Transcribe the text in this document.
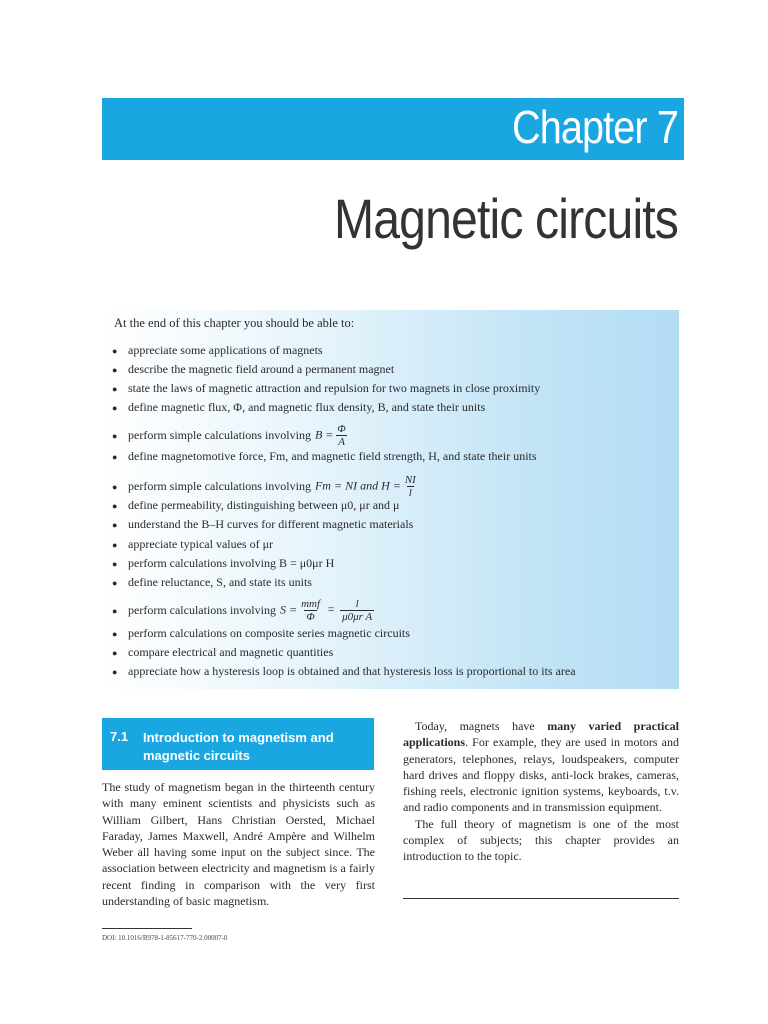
Chapter 7
Magnetic circuits
At the end of this chapter you should be able to:
● appreciate some applications of magnets
● describe the magnetic field around a permanent magnet
● state the laws of magnetic attraction and repulsion for two magnets in close proximity
● define magnetic flux, Φ, and magnetic flux density, B, and state their units
● perform simple calculations involving $B = \frac{\Phi}{A}$
● define magnetomotive force, Fm, and magnetic field strength, H, and state their units
● perform simple calculations involving Fm = NI and $H = \frac{NI}{l}$
● define permeability, distinguishing between μ0, μr and μ
● understand the B–H curves for different magnetic materials
● appreciate typical values of μr
● perform calculations involving B = μ0μr H
● define reluctance, S, and state its units
● perform calculations involving $S = \frac{\text{mmf}}{\Phi} = \frac{l}{\text{μ0μr A}}$
● perform calculations on composite series magnetic circuits
● compare electrical and magnetic quantities
● appreciate how a hysteresis loop is obtained and that hysteresis loss is proportional to its area
7.1 Introduction to magnetism and magnetic circuits
The study of magnetism began in the thirteenth century with many eminent scientists and physicists such as William Gilbert, Hans Christian Oersted, Michael Faraday, James Maxwell, André Ampère and Wilhelm Weber all having some input on the subject since. The association between electricity and magnetism is a fairly recent finding in comparison with the very first understanding of basic magnetism.

Today, magnets have many varied practical applications. For example, they are used in motors and generators, telephones, relays, loudspeakers, computer hard drives and floppy disks, anti-lock brakes, cameras, fishing reels, electronic ignition systems, keyboards, t.v. and radio components and in transmission equipment.

The full theory of magnetism is one of the most complex of subjects; this chapter provides an introduction to the topic.

DOI: 10.1016/B978-1-85617-770-2.00007-0
